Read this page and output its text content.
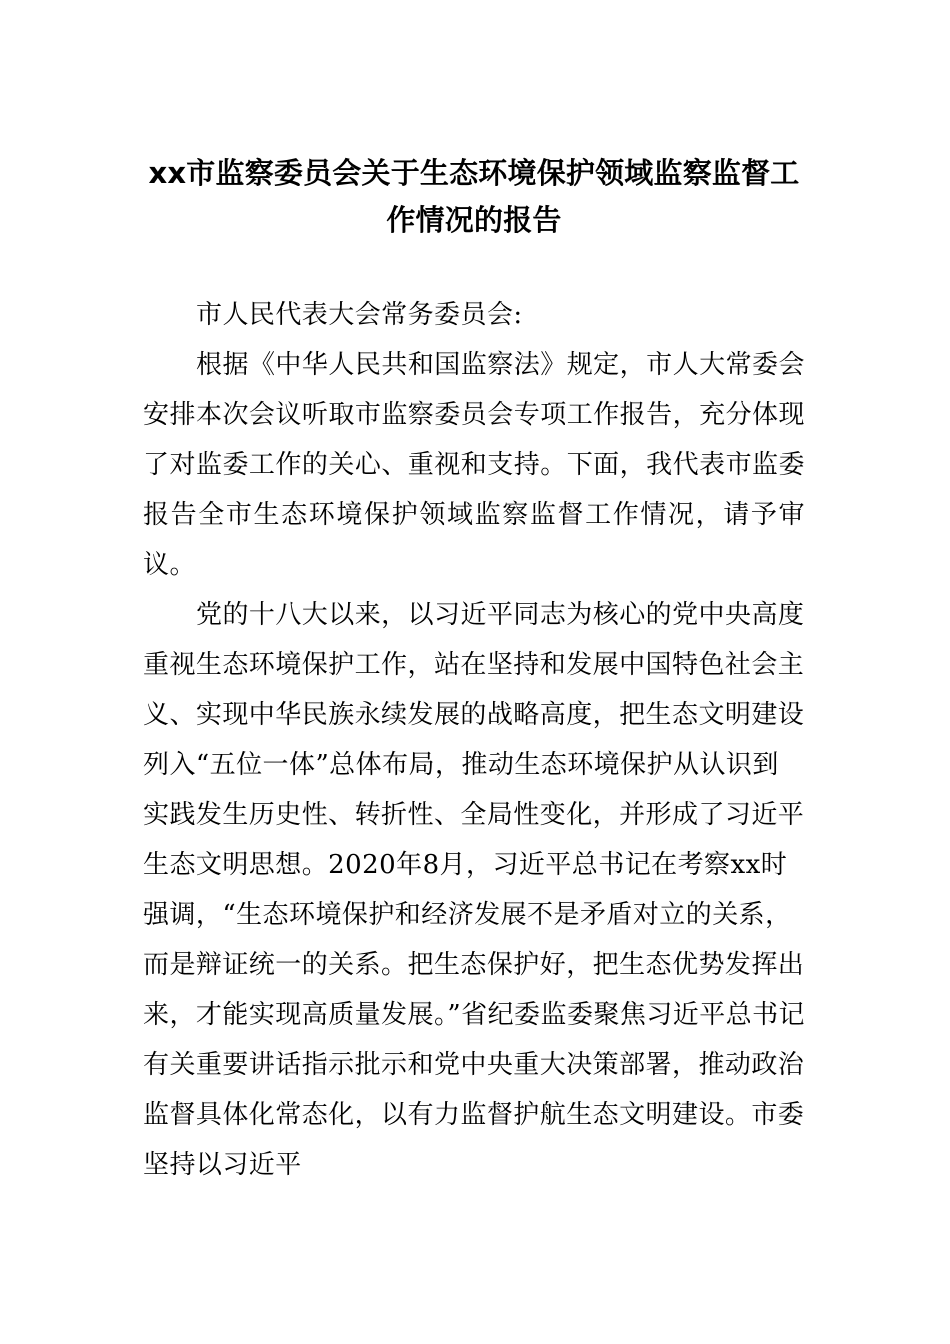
xx市监察委员会关于生态环境保护领域监察监督工作情况的报告

市人民代表大会常务委员会:

根据《中华人民共和国监察法》规定，市人大常委会安排本次会议听取市监察委员会专项工作报告，充分体现了对监委工作的关心、重视和支持。下面，我代表市监委报告全市生态环境保护领域监察监督工作情况，请予审议。

党的十八大以来，以习近平同志为核心的党中央高度重视生态环境保护工作，站在坚持和发展中国特色社会主义、实现中华民族永续发展的战略高度，把生态文明建设列入“五位一体”总体布局，推动生态环境保护从认识到实践发生历史性、转折性、全局性变化，并形成了习近平生态文明思想。2020年8月，习近平总书记在考察xx时强调，“生态环境保护和经济发展不是矛盾对立的关系，而是辩证统一的关系。把生态保护好，把生态优势发挥出来，才能实现高质量发展。”省纪委监委聚焦习近平总书记有关重要讲话指示批示和党中央重大决策部署，推动政治监督具体化常态化，以有力监督护航生态文明建设。市委坚持以习近平
